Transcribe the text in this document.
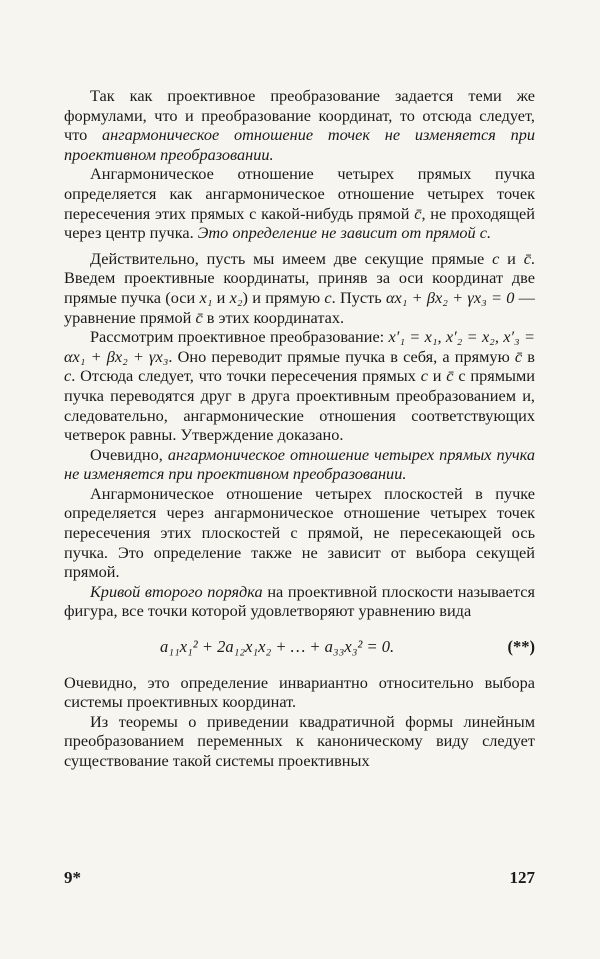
Так как проективное преобразование задается теми же формулами, что и преобразование координат, то отсюда следует, что ангармоническое отношение точек не изменяется при проективном преобразовании.

Ангармоническое отношение четырех прямых пучка определяется как ангармоническое отношение четырех точек пересечения этих прямых с какой-нибудь прямой c̄, не проходящей через центр пучка. Это определение не зависит от прямой c.

Действительно, пусть мы имеем две секущие прямые c и c̄. Введем проективные координаты, приняв за оси координат две прямые пучка (оси x₁ и x₂) и прямую c. Пусть αx₁ + βx₂ + γx₃ = 0 — уравнение прямой c̄ в этих координатах.

Рассмотрим проективное преобразование: x′₁ = x₁, x′₂ = x₂, x′₃ = αx₁ + βx₂ + γx₃. Оно переводит прямые пучка в себя, а прямую c̄ в c. Отсюда следует, что точки пересечения прямых c и c̄ с прямыми пучка переводятся друг в друга проективным преобразованием и, следовательно, ангармонические отношения соответствующих четверок равны. Утверждение доказано.

Очевидно, ангармоническое отношение четырех прямых пучка не изменяется при проективном преобразовании.

Ангармоническое отношение четырех плоскостей в пучке определяется через ангармоническое отношение четырех точек пересечения этих плоскостей с прямой, не пересекающей ось пучка. Это определение также не зависит от выбора секущей прямой.

Кривой второго порядка на проективной плоскости называется фигура, все точки которой удовлетворяют уравнению вида

a₁₁x₁² + 2a₁₂x₁x₂ + … + a₃₃x₃² = 0.	(**)

Очевидно, это определение инвариантно относительно выбора системы проективных координат.

Из теоремы о приведении квадратичной формы линейным преобразованием переменных к каноническому виду следует существование такой системы проективных

9*	127
